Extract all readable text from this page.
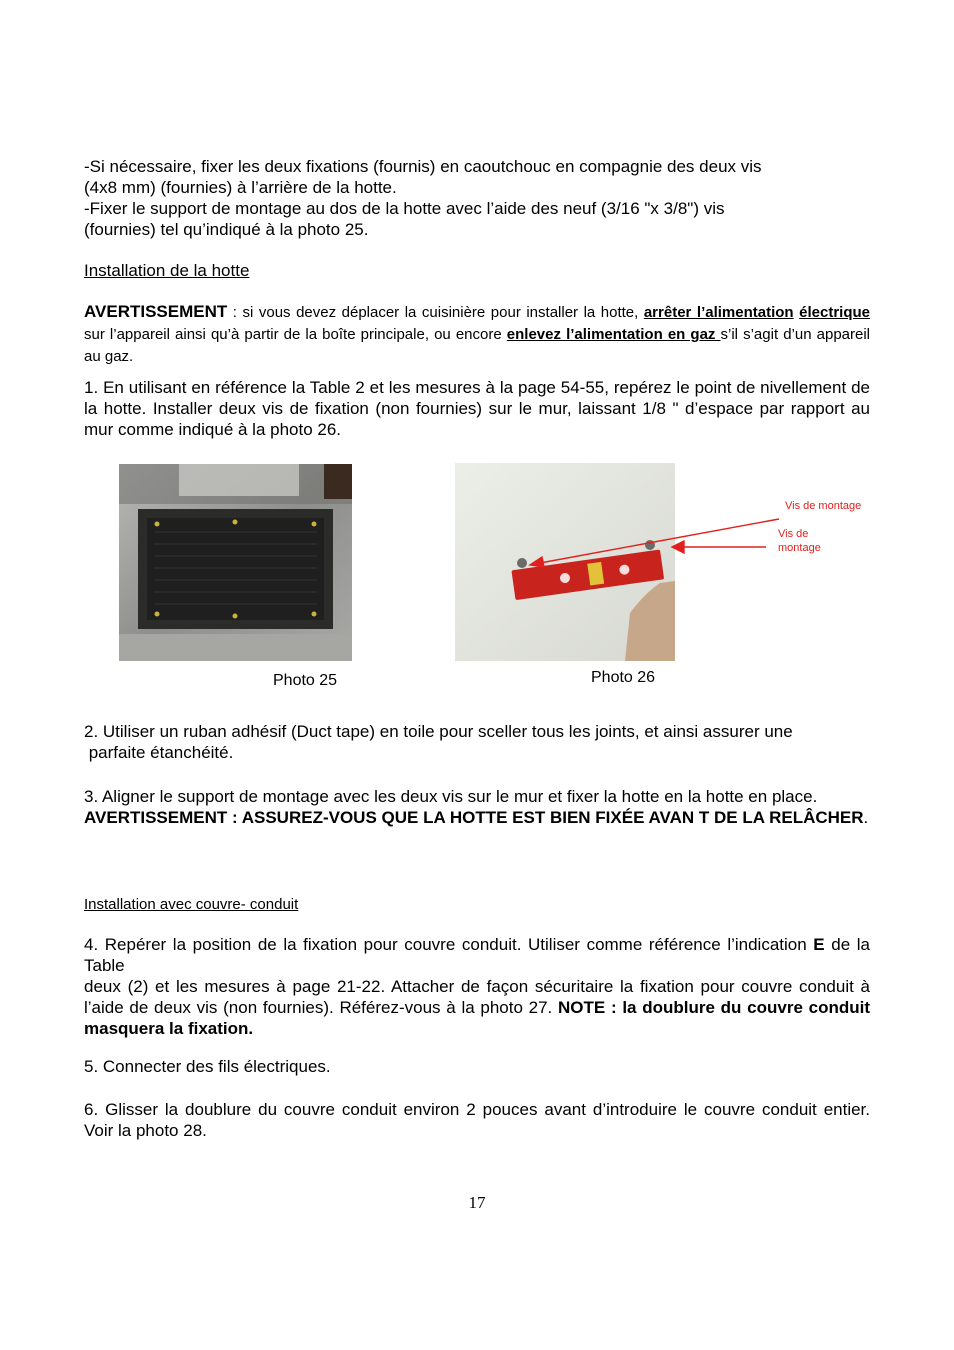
-Si nécessaire, fixer les deux fixations (fournis) en caoutchouc en compagnie des deux vis
(4x8 mm) (fournies) à l’arrière de la hotte.
-Fixer le support de montage au dos de la hotte avec l’aide des neuf (3/16 "x 3/8") vis
(fournies) tel qu’indiqué à la photo 25.
Installation de la hotte
AVERTISSEMENT : si vous devez déplacer la cuisinière pour installer la hotte, arrêter l’alimentation électrique sur l’appareil ainsi qu’à partir de la boîte principale, ou encore enlevez l’alimentation en gaz s’il s’agit d’un appareil au gaz.
1. En utilisant en référence la Table 2 et les mesures à la page 54-55, repérez le point de nivellement de la hotte. Installer deux vis de fixation (non fournies) sur le mur, laissant 1/8 " d’espace par rapport au mur comme indiqué à la photo 26.
Photo 25	Photo 26
Vis de montage
Vis de
montage
2. Utiliser un ruban adhésif (Duct tape) en toile pour sceller tous les joints, et ainsi assurer une
parfaite étanchéité.
3. Aligner le support de montage avec les deux vis sur le mur et fixer la hotte en la hotte en place.
AVERTISSEMENT : ASSUREZ-VOUS QUE LA HOTTE EST BIEN FIXÉE AVAN T DE LA RELÂCHER.
Installation avec couvre- conduit
4. Repérer la position de la fixation pour couvre conduit. Utiliser comme référence l’indication E de la Table
deux (2) et les mesures à page 21-22. Attacher de façon sécuritaire la fixation pour couvre conduit à l’aide de deux vis (non fournies). Référez-vous à la photo 27. NOTE : la doublure du couvre conduit masquera la fixation.
5. Connecter des fils électriques.
6. Glisser la doublure du couvre conduit environ 2 pouces avant d’introduire le couvre conduit entier. Voir la photo 28.
17
